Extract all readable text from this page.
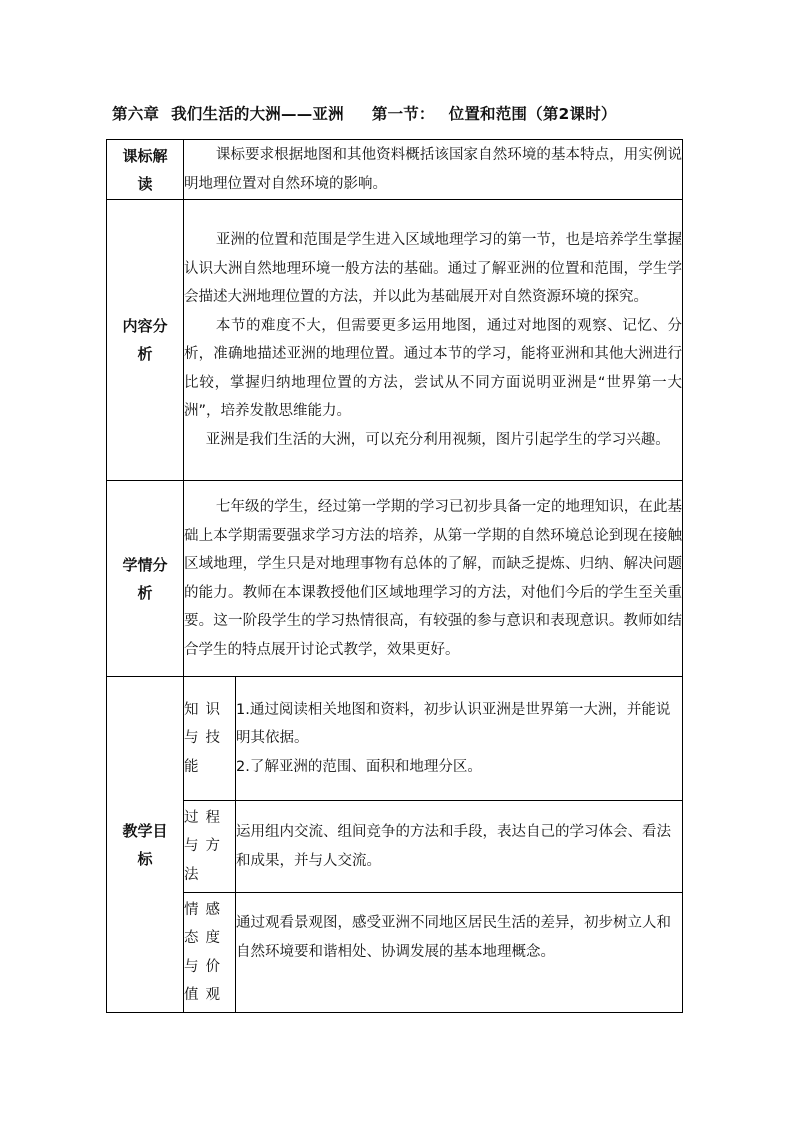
第六章 我们生活的大洲——亚洲 第一节： 位置和范围（第2课时）
课标解读	课标要求根据地图和其他资料概括该国家自然环境的基本特点，用实例说明地理位置对自然环境的影响。	

内容分析	亚洲的位置和范围是学生进入区域地理学习的第一节，也是培养学生掌握认识大洲自然地理环境一般方法的基础。通过了解亚洲的位置和范围，学生学会描述大洲地理位置的方法，并以此为基础展开对自然资源环境的探究。
本节的难度不大，但需要更多运用地图，通过对地图的观察、记忆、分析，准确地描述亚洲的地理位置。通过本节的学习，能将亚洲和其他大洲进行比较，掌握归纳地理位置的方法，尝试从不同方面说明亚洲是“世界第一大洲”，培养发散思维能力。
亚洲是我们生活的大洲，可以充分利用视频，图片引起学生的学习兴趣。	

学情分析	七年级的学生，经过第一学期的学习已初步具备一定的地理知识，在此基础上本学期需要强求学习方法的培养，从第一学期的自然环境总论到现在接触区域地理，学生只是对地理事物有总体的了解，而缺乏提炼、归纳、解决问题的能力。教师在本课教授他们区域地理学习的方法，对他们今后的学生至关重要。这一阶段学生的学习热情很高，有较强的参与意识和表现意识。教师如结合学生的特点展开讨论式教学，效果更好。	

教学目标	知识与技能	1.通过阅读相关地图和资料，初步认识亚洲是世界第一大洲，并能说明其依据。
2.了解亚洲的范围、面积和地理分区。

	过程与方法	运用组内交流、组间竞争的方法和手段，表达自己的学习体会、看法和成果，并与人交流。

	情感态度与价值观	通过观看景观图，感受亚洲不同地区居民生活的差异，初步树立人和自然环境要和谐相处、协调发展的基本地理概念。
